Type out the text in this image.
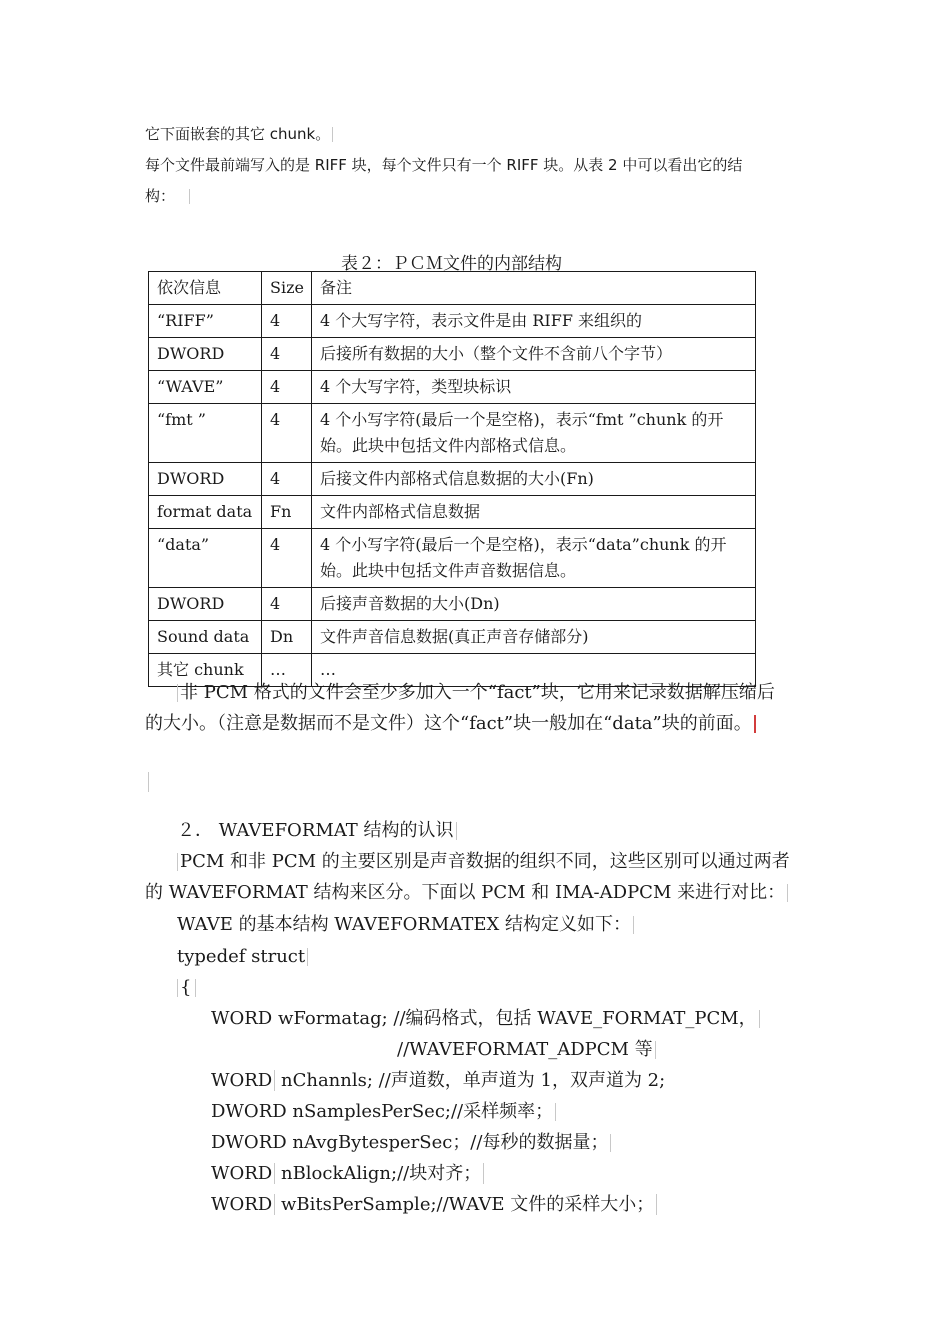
它下面嵌套的其它 chunk。
每个文件最前端写入的是 RIFF 块，每个文件只有一个 RIFF 块。从表 2 中可以看出它的结
构：
表２：ＰＣＭ文件的内部结构
依次信息	Size	备注
“RIFF”	4	4 个大写字符，表示文件是由 RIFF 来组织的
DWORD	4	后接所有数据的大小（整个文件不含前八个字节）
“WAVE”	4	4 个大写字符，类型块标识
“fmt ”	4	4 个小写字符(最后一个是空格)，表示“fmt ”chunk 的开始。此块中包括文件内部格式信息。
DWORD	4	后接文件内部格式信息数据的大小(Fn)
format data	Fn	文件内部格式信息数据
“data”	4	4 个小写字符(最后一个是空格)，表示“data”chunk 的开始。此块中包括文件声音数据信息。
DWORD	4	后接声音数据的大小(Dn)
Sound data	Dn	文件声音信息数据(真正声音存储部分)
其它 chunk	…	…
非 PCM 格式的文件会至少多加入一个“fact”块，它用来记录数据解压缩后
的大小。（注意是数据而不是文件）这个“fact”块一般加在“data”块的前面。
２． WAVEFORMAT 结构的认识
PCM 和非 PCM 的主要区别是声音数据的组织不同，这些区别可以通过两者
的 WAVEFORMAT 结构来区分。下面以 PCM 和 IMA-ADPCM 来进行对比：
WAVE 的基本结构 WAVEFORMATEX 结构定义如下：
typedef struct
{
WORD wFormatag; //编码格式，包括 WAVE_FORMAT_PCM，
//WAVEFORMAT_ADPCM 等
WORD nChannls; //声道数，单声道为 1，双声道为 2;
DWORD nSamplesPerSec;//采样频率；
DWORD nAvgBytesperSec；//每秒的数据量；
WORD nBlockAlign;//块对齐；
WORD wBitsPerSample;//WAVE 文件的采样大小；
